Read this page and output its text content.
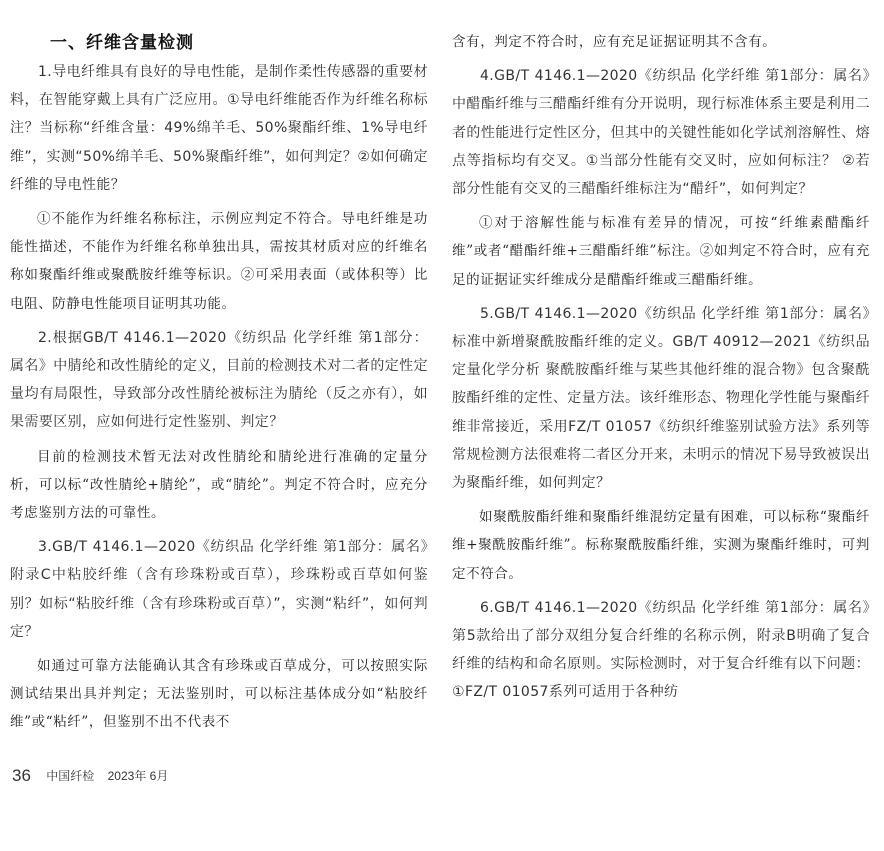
一、纤维含量检测

1.导电纤维具有良好的导电性能，是制作柔性传感器的重要材料，在智能穿戴上具有广泛应用。①导电纤维能否作为纤维名称标注？当标称“纤维含量：49%绵羊毛、50%聚酯纤维、1%导电纤维”，实测“50%绵羊毛、50%聚酯纤维”，如何判定？②如何确定纤维的导电性能？

①不能作为纤维名称标注，示例应判定不符合。导电纤维是功能性描述，不能作为纤维名称单独出具，需按其材质对应的纤维名称如聚酯纤维或聚酰胺纤维等标识。②可采用表面（或体积等）比电阻、防静电性能项目证明其功能。

2.根据GB/T 4146.1—2020《纺织品 化学纤维 第1部分：属名》中腈纶和改性腈纶的定义，目前的检测技术对二者的定性定量均有局限性，导致部分改性腈纶被标注为腈纶（反之亦有），如果需要区别，应如何进行定性鉴别、判定？

目前的检测技术暂无法对改性腈纶和腈纶进行准确的定量分析，可以标“改性腈纶+腈纶”，或“腈纶”。判定不符合时，应充分考虑鉴别方法的可靠性。

3.GB/T 4146.1—2020《纺织品 化学纤维 第1部分：属名》附录C中粘胶纤维（含有珍珠粉或百草），珍珠粉或百草如何鉴别？如标“粘胶纤维（含有珍珠粉或百草）”，实测“粘纤”，如何判定？

如通过可靠方法能确认其含有珍珠或百草成分，可以按照实际测试结果出具并判定；无法鉴别时，可以标注基体成分如“粘胶纤维”或“粘纤”，但鉴别不出不代表不

含有，判定不符合时，应有充足证据证明其不含有。

4.GB/T 4146.1—2020《纺织品 化学纤维 第1部分：属名》中醋酯纤维与三醋酯纤维有分开说明，现行标准体系主要是利用二者的性能进行定性区分，但其中的关键性能如化学试剂溶解性、熔点等指标均有交叉。①当部分性能有交叉时，应如何标注？ ②若部分性能有交叉的三醋酯纤维标注为“醋纤”，如何判定？

①对于溶解性能与标准有差异的情况，可按“纤维素醋酯纤维”或者“醋酯纤维+三醋酯纤维”标注。②如判定不符合时，应有充足的证据证实纤维成分是醋酯纤维或三醋酯纤维。

5.GB/T 4146.1—2020《纺织品 化学纤维 第1部分：属名》标准中新增聚酰胺酯纤维的定义。GB/T 40912—2021《纺织品 定量化学分析 聚酰胺酯纤维与某些其他纤维的混合物》包含聚酰胺酯纤维的定性、定量方法。该纤维形态、物理化学性能与聚酯纤维非常接近，采用FZ/T 01057《纺织纤维鉴别试验方法》系列等常规检测方法很难将二者区分开来，未明示的情况下易导致被误出为聚酯纤维，如何判定？

如聚酰胺酯纤维和聚酯纤维混纺定量有困难，可以标称“聚酯纤维+聚酰胺酯纤维”。标称聚酰胺酯纤维，实测为聚酯纤维时，可判定不符合。

6.GB/T 4146.1—2020《纺织品 化学纤维 第1部分：属名》第5款给出了部分双组分复合纤维的名称示例，附录B明确了复合纤维的结构和命名原则。实际检测时，对于复合纤维有以下问题：①FZ/T 01057系列可适用于各种纺

36 中国纤检 2023年 6月
